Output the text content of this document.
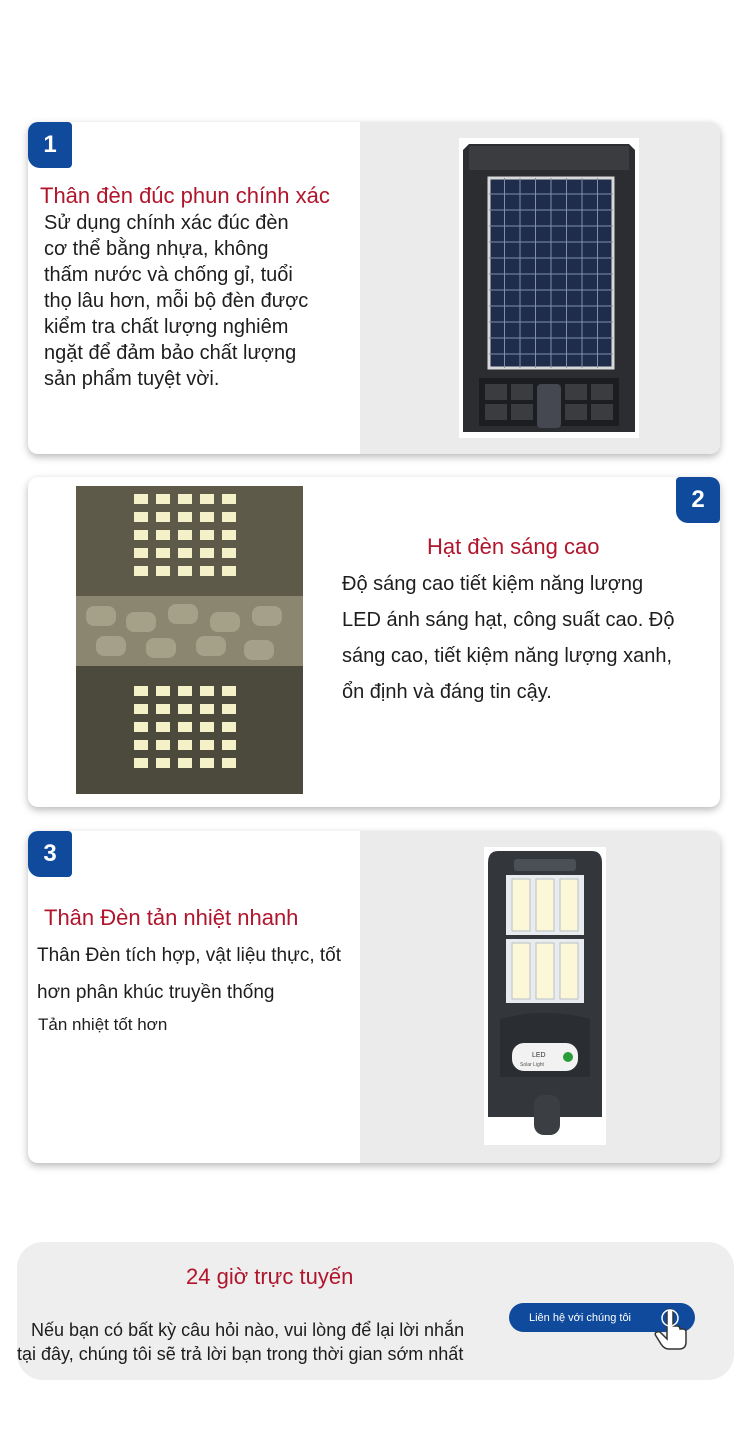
1
Thân đèn đúc phun chính xác
Sử dụng chính xác đúc đèn
cơ thể bằng nhựa, không
thấm nước và chống gỉ, tuổi
thọ lâu hơn, mỗi bộ đèn được
kiểm tra chất lượng nghiêm
ngặt để đảm bảo chất lượng
sản phẩm tuyệt vời.
2
Hạt đèn sáng cao
Độ sáng cao tiết kiệm năng lượng
LED ánh sáng hạt, công suất cao. Độ
sáng cao, tiết kiệm năng lượng xanh,
ổn định và đáng tin cậy.
3
Thân Đèn tản nhiệt nhanh
Thân Đèn tích hợp, vật liệu thực, tốt
hơn phân khúc truyền thống
Tản nhiệt tốt hơn
LED
Solar Light
24 giờ trực tuyến
Nếu bạn có bất kỳ câu hỏi nào, vui lòng để lại lời nhắn
tại đây, chúng tôi sẽ trả lời bạn trong thời gian sớm nhất
Liên hệ với chúng tôi
